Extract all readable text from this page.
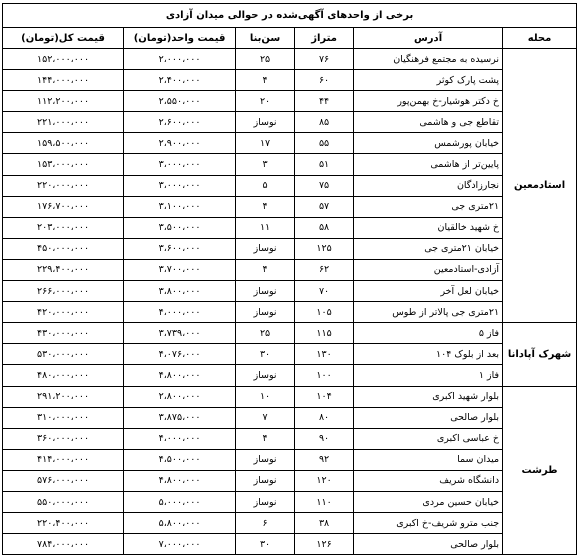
برخی از واحدهای آگهی‌شده در حوالی میدان آزادی					
محله	آدرس	متراژ	سن‌بنا	قیمت واحد(تومان)	قیمت کل(تومان)
استادمعین	نرسیده به مجتمع فرهنگیان	۷۶	۲۵	۲،۰۰۰،۰۰۰	۱۵۲،۰۰۰،۰۰۰
	پشت پارک کوثر	۶۰	۴	۲،۴۰۰،۰۰۰	۱۴۴،۰۰۰،۰۰۰
	خ دکتر هوشیار-خ بهمن‌پور	۴۴	۲۰	۲،۵۵۰،۰۰۰	۱۱۲،۲۰۰،۰۰۰
	تقاطع جی و هاشمی	۸۵	نوساز	۲،۶۰۰،۰۰۰	۲۲۱،۰۰۰،۰۰۰
	خیابان پورشمس	۵۵	۱۷	۲،۹۰۰،۰۰۰	۱۵۹،۵۰۰،۰۰۰
	پایین‌تر از هاشمی	۵۱	۳	۳،۰۰۰،۰۰۰	۱۵۳،۰۰۰،۰۰۰
	نجارزادگان	۷۵	۵	۳،۰۰۰،۰۰۰	۲۲۰،۰۰۰،۰۰۰
	۲۱متری جی	۵۷	۴	۳،۱۰۰،۰۰۰	۱۷۶،۷۰۰،۰۰۰
	خ شهید خالقیان	۵۸	۱۱	۳،۵۰۰،۰۰۰	۲۰۳،۰۰۰،۰۰۰
	خیابان ۲۱متری جی	۱۲۵	نوساز	۳،۶۰۰،۰۰۰	۴۵۰،۰۰۰،۰۰۰
	آزادی-استادمعین	۶۲	۴	۳،۷۰۰،۰۰۰	۲۲۹،۴۰۰،۰۰۰
	خیابان لعل آخر	۷۰	نوساز	۳،۸۰۰،۰۰۰	۲۶۶،۰۰۰،۰۰۰
	۲۱متری جی پالاتر از طوس	۱۰۵	نوساز	۴،۰۰۰،۰۰۰	۴۲۰،۰۰۰،۰۰۰
شهرک آپادانا	فاز ۵	۱۱۵	۲۵	۳،۷۳۹،۰۰۰	۴۳۰،۰۰۰،۰۰۰
	بعد از بلوک ۱۰۴	۱۳۰	۳۰	۴،۰۷۶،۰۰۰	۵۳۰،۰۰۰،۰۰۰
	فاز ۱	۱۰۰	نوساز	۴،۸۰۰،۰۰۰	۴۸۰،۰۰۰،۰۰۰
طرشت	بلوار شهید اکبری	۱۰۴	۱۰	۲،۸۰۰،۰۰۰	۲۹۱،۲۰۰،۰۰۰
	بلوار صالحی	۸۰	۷	۳،۸۷۵،۰۰۰	۳۱۰،۰۰۰،۰۰۰
	خ عباسی اکبری	۹۰	۴	۴،۰۰۰،۰۰۰	۳۶۰،۰۰۰،۰۰۰
	میدان سما	۹۲	نوساز	۴،۵۰۰،۰۰۰	۴۱۴،۰۰۰،۰۰۰
	دانشگاه شریف	۱۲۰	نوساز	۴،۸۰۰،۰۰۰	۵۷۶،۰۰۰،۰۰۰
	خیابان حسین مردی	۱۱۰	نوساز	۵،۰۰۰،۰۰۰	۵۵۰،۰۰۰،۰۰۰
	جنب مترو شریف-خ اکبری	۳۸	۶	۵،۸۰۰،۰۰۰	۲۲۰،۴۰۰،۰۰۰
	بلوار صالحی	۱۲۶	۳۰	۷،۰۰۰،۰۰۰	۷۸۴،۰۰۰،۰۰۰
